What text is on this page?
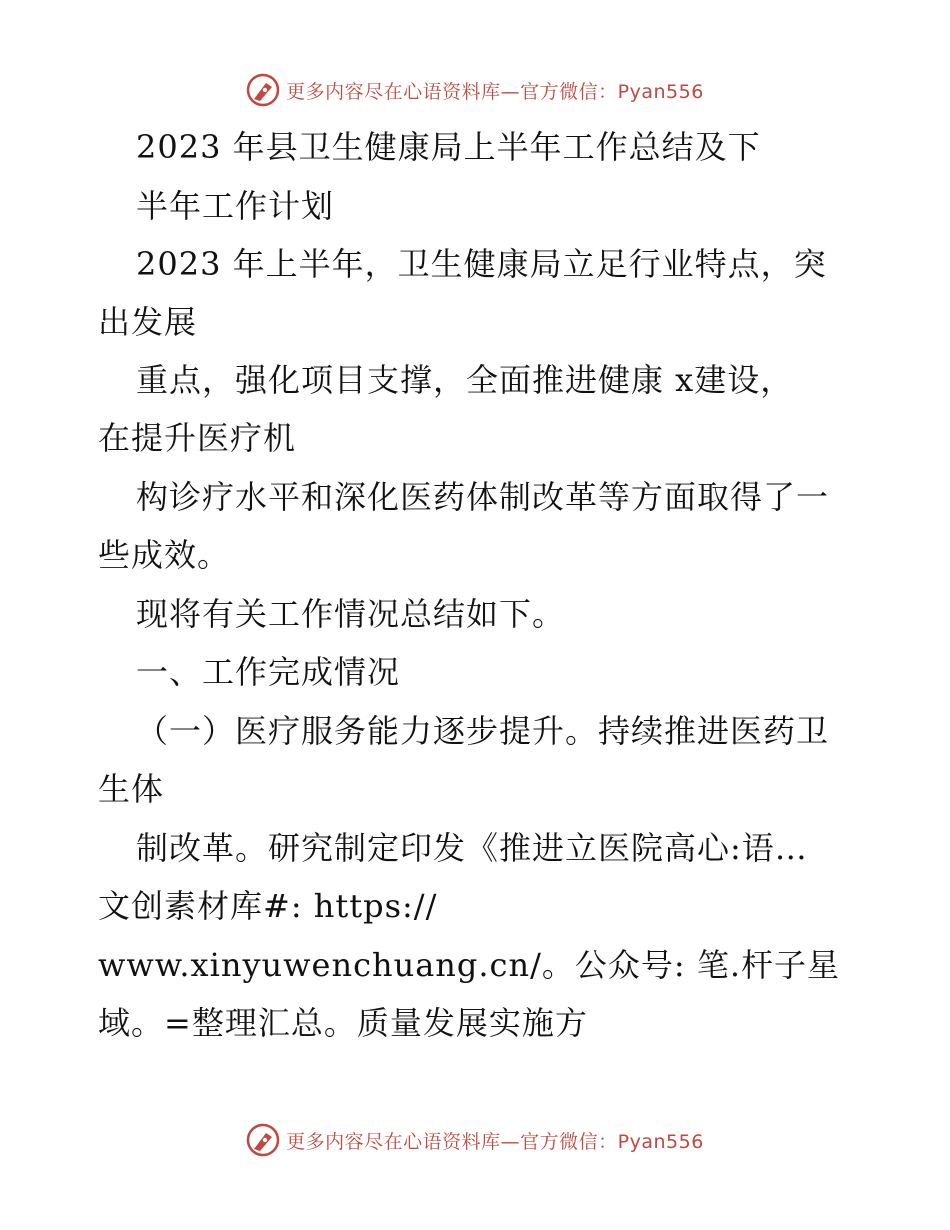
更多内容尽在心语资料库—官方微信：Pyan556
2023 年县卫生健康局上半年工作总结及下
半年工作计划
2023 年上半年，卫生健康局立足行业特点，突
出发展
重点，强化项目支撑，全面推进健康 x建设，
在提升医疗机
构诊疗水平和深化医药体制改革等方面取得了一
些成效。
现将有关工作情况总结如下。
一、工作完成情况
（一）医疗服务能力逐步提升。持续推进医药卫
生体
制改革。研究制定印发《推进立医院高心:语…
文创素材库#: https://
www.xinyuwenchuang.cn/。公众号: 笔.杆子星
域。=整理汇总。质量发展实施方
更多内容尽在心语资料库—官方微信：Pyan556
